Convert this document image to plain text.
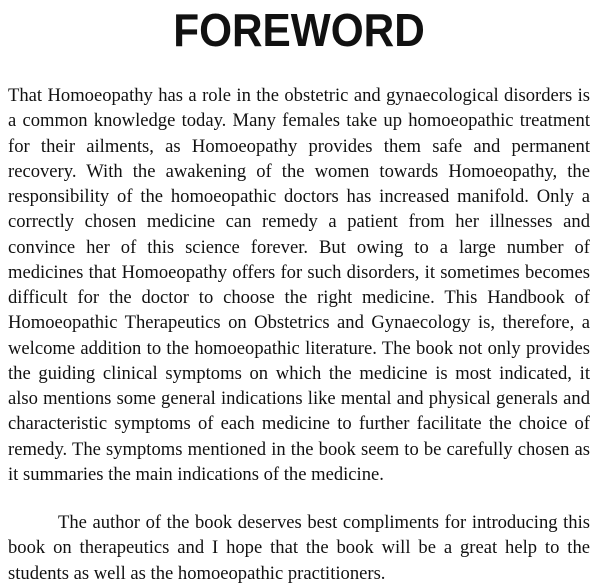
FOREWORD

That Homoeopathy has a role in the obstetric and gynaecological disorders is a common knowledge today. Many females take up homoeopathic treatment for their ailments, as Homoeopathy provides them safe and permanent recovery. With the awakening of the women towards Homoeopathy, the responsibility of the homoeopathic doctors has increased manifold. Only a correctly chosen medicine can remedy a patient from her illnesses and convince her of this science forever. But owing to a large number of medicines that Homoeopathy offers for such disorders, it sometimes becomes difficult for the doctor to choose the right medicine. This Handbook of Homoeopathic Therapeutics on Obstetrics and Gynaecology is, therefore, a welcome addition to the homoeopathic literature. The book not only provides the guiding clinical symptoms on which the medicine is most indicated, it also mentions some general indications like mental and physical generals and characteristic symptoms of each medicine to further facilitate the choice of remedy. The symptoms mentioned in the book seem to be carefully chosen as it summaries the main indications of the medicine.

The author of the book deserves best compliments for introducing this book on therapeutics and I hope that the book will be a great help to the students as well as the homoeopathic practitioners.
